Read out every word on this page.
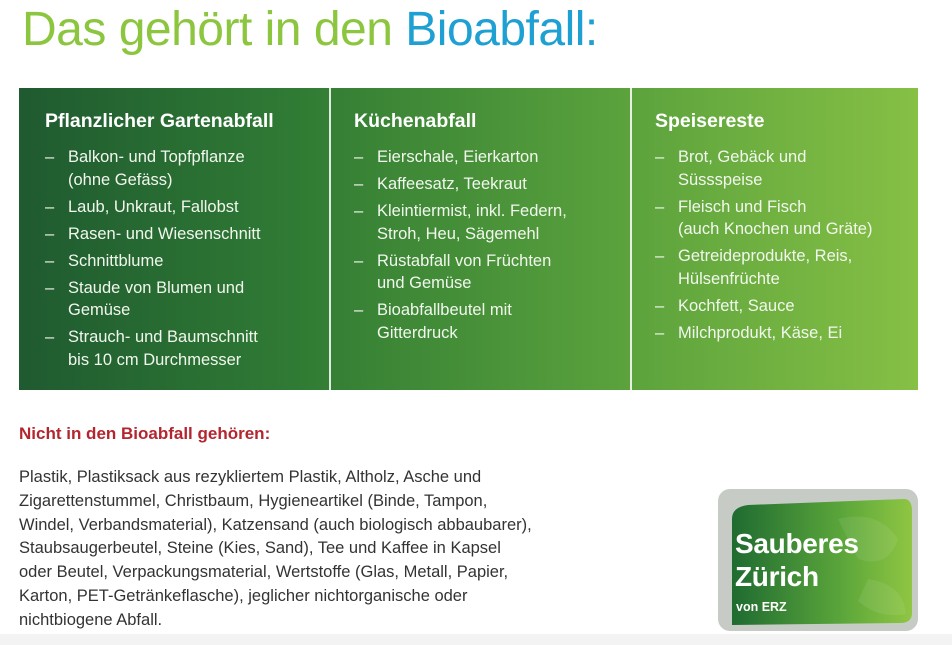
Das gehört in den Bioabfall:
Pflanzlicher Gartenabfall
– Balkon- und Topfpflanze
(ohne Gefäss)
– Laub, Unkraut, Fallobst
– Rasen- und Wiesenschnitt
– Schnittblume
– Staude von Blumen und
Gemüse
– Strauch- und Baumschnitt
bis 10 cm Durchmesser
Küchenabfall
– Eierschale, Eierkarton
– Kaffeesatz, Teekraut
– Kleintiermist, inkl. Federn,
Stroh, Heu, Sägemehl
– Rüstabfall von Früchten
und Gemüse
– Bioabfallbeutel mit
Gitterdruck
Speisereste
– Brot, Gebäck und
Süssspeise
– Fleisch und Fisch
(auch Knochen und Gräte)
– Getreideprodukte, Reis,
Hülsenfrüchte
– Kochfett, Sauce
– Milchprodukt, Käse, Ei
Nicht in den Bioabfall gehören:
Plastik, Plastiksack aus rezykliertem Plastik, Altholz, Asche und
Zigarettenstummel, Christbaum, Hygieneartikel (Binde, Tampon,
Windel, Verbandsmaterial), Katzensand (auch biologisch abbaubarer),
Staubsaugerbeutel, Steine (Kies, Sand), Tee und Kaffee in Kapsel
oder Beutel, Verpackungsmaterial, Wertstoffe (Glas, Metall, Papier,
Karton, PET-Getränkeflasche), jeglicher nichtorganische oder
nichtbiogene Abfall.
Sauberes
Zürich
von ERZ
